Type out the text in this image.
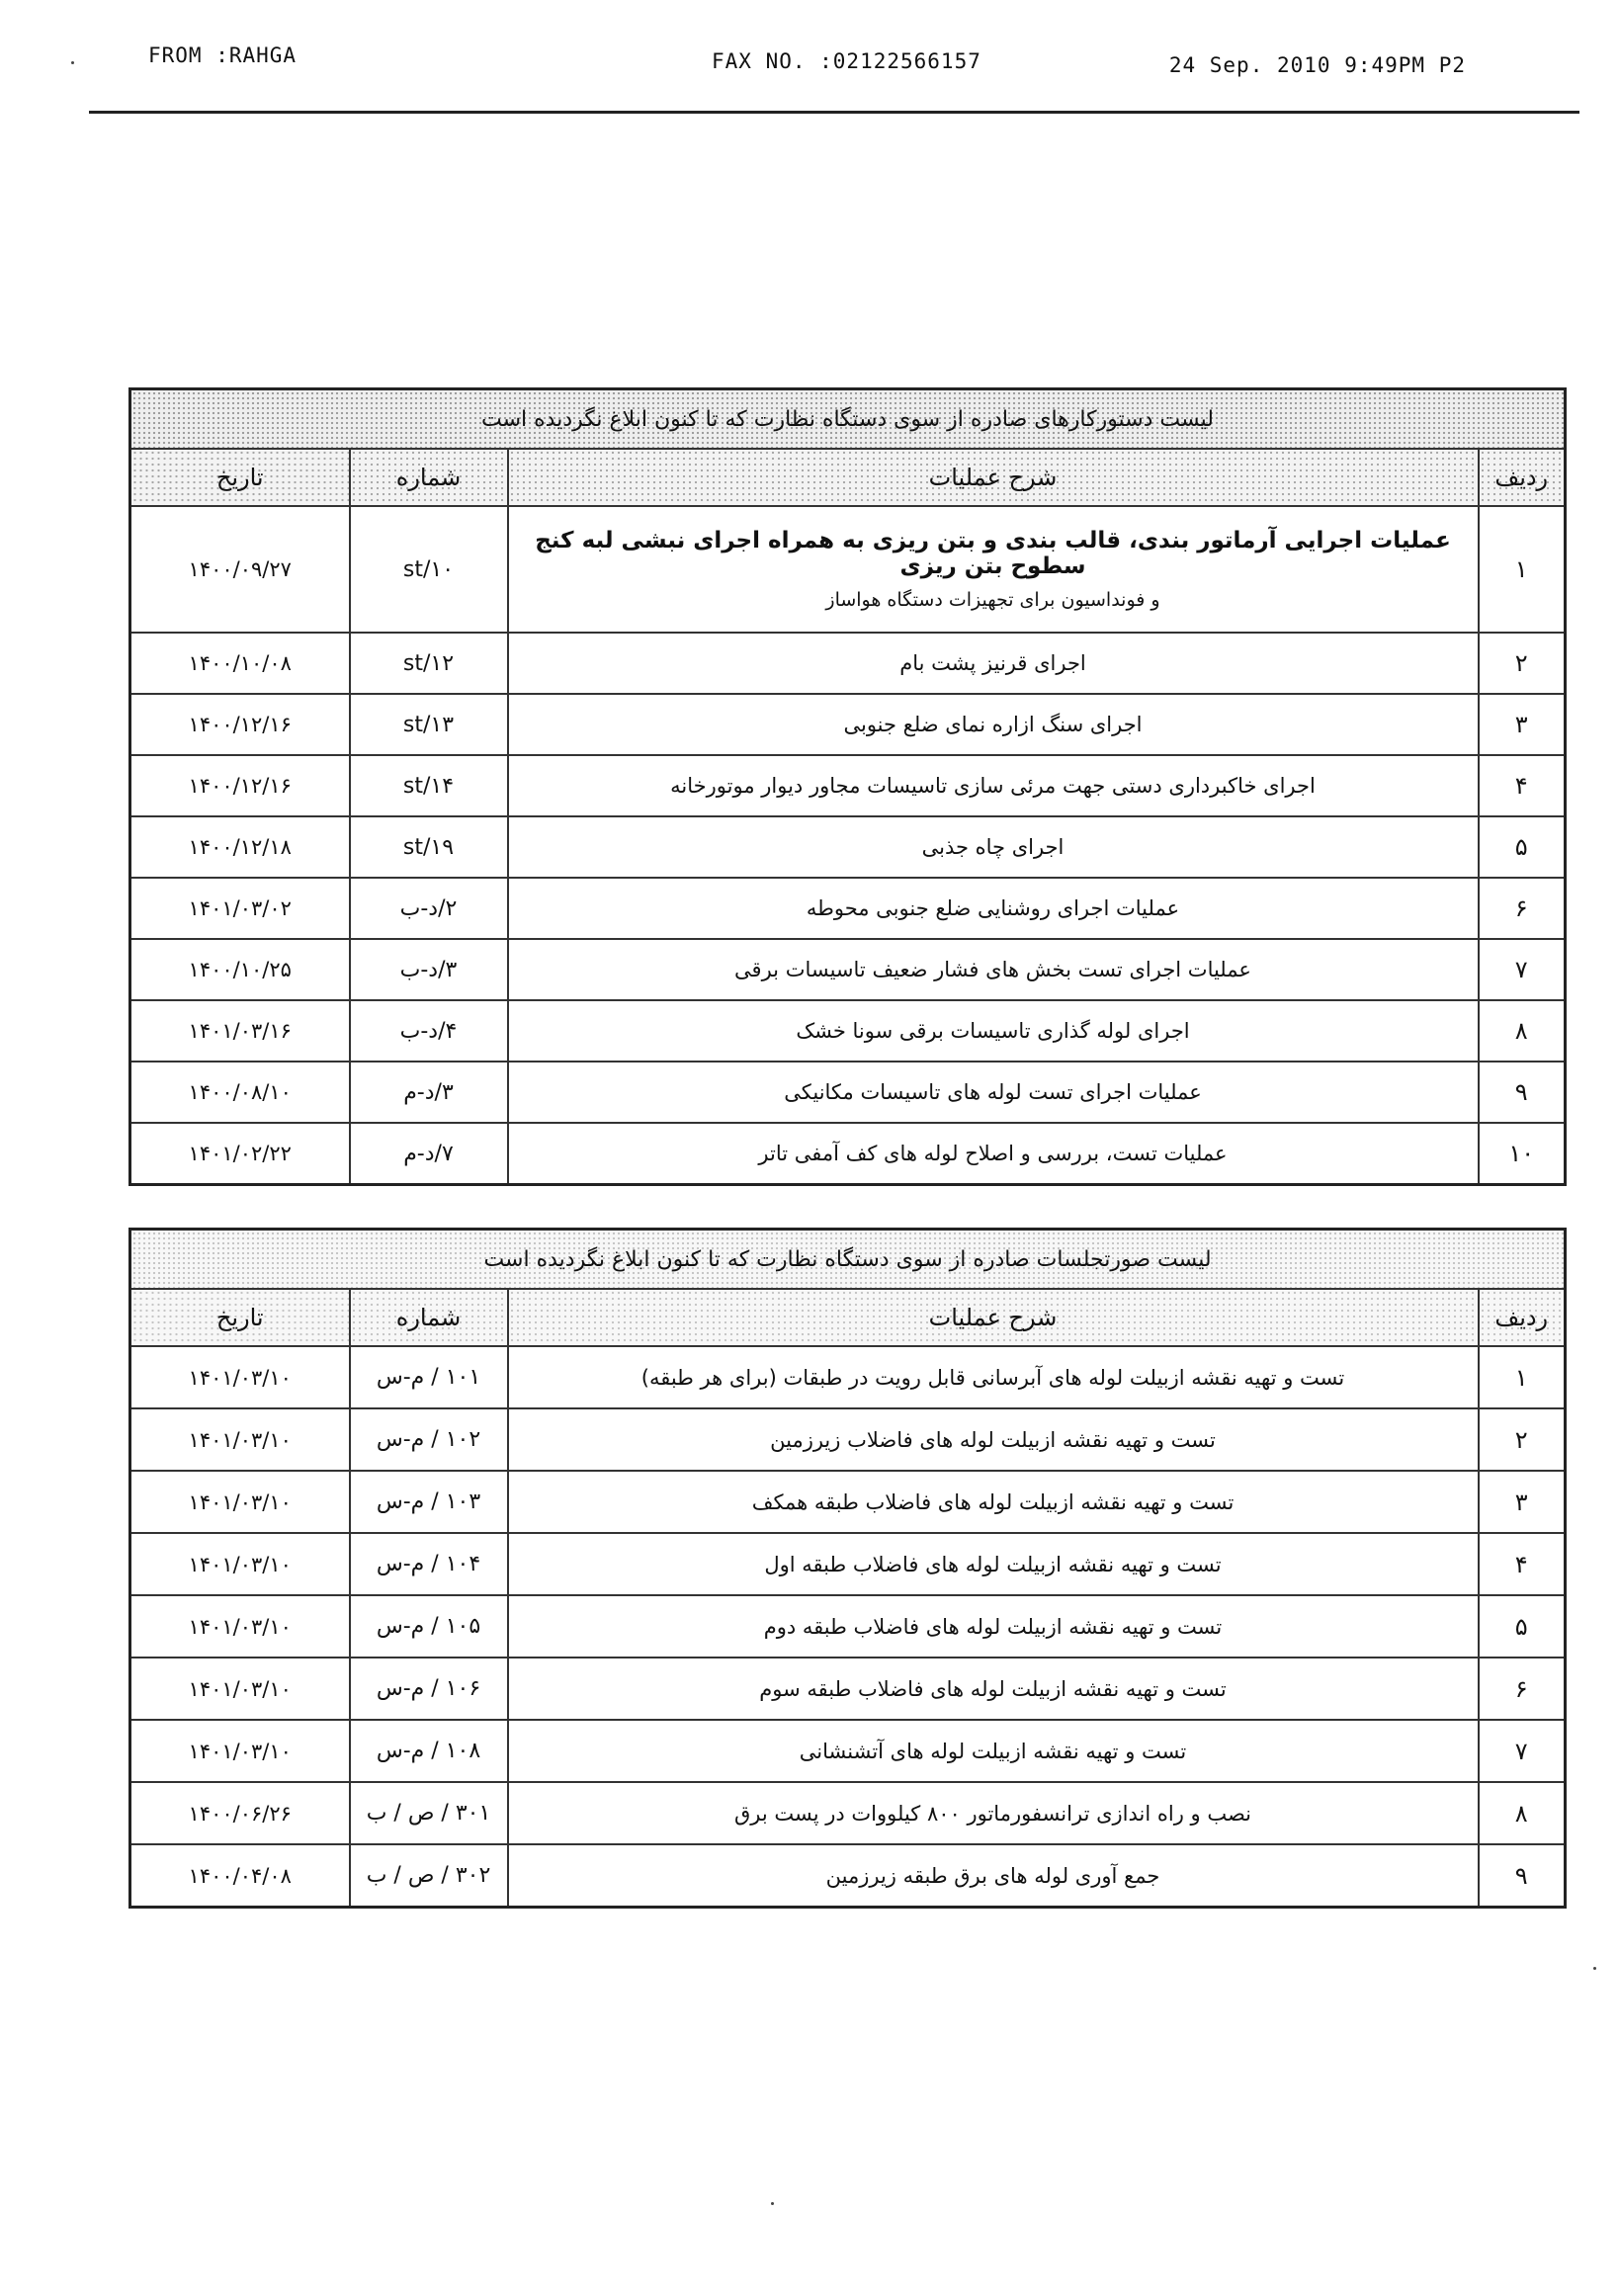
FROM :RAHGA	FAX NO. :02122566157	24 Sep. 2010 9:49PM P2
لیست دستورکارهای صادره از سوی دستگاه نظارت که تا کنون ابلاغ نگردیده است			
ردیف	شرح عملیات	شماره	تاریخ
۱	عملیات اجرایی آرماتور بندی، قالب بندی و بتن ریزی به همراه اجرای نبشی لبه کنج سطوح بتن ریزی
و فونداسیون برای تجهیزات دستگاه هواساز	st/۱۰	۱۴۰۰/۰۹/۲۷
۲	اجرای قرنیز پشت بام	st/۱۲	۱۴۰۰/۱۰/۰۸
۳	اجرای سنگ ازاره نمای ضلع جنوبی	st/۱۳	۱۴۰۰/۱۲/۱۶
۴	اجرای خاکبرداری دستی جهت مرئی سازی تاسیسات مجاور دیوار موتورخانه	st/۱۴	۱۴۰۰/۱۲/۱۶
۵	اجرای چاه جذبی	st/۱۹	۱۴۰۰/۱۲/۱۸
۶	عملیات اجرای روشنایی ضلع جنوبی محوطه	۲/د-ب	۱۴۰۱/۰۳/۰۲
۷	عملیات اجرای تست بخش های فشار ضعیف تاسیسات برقی	۳/د-ب	۱۴۰۰/۱۰/۲۵
۸	اجرای لوله گذاری تاسیسات برقی سونا خشک	۴/د-ب	۱۴۰۱/۰۳/۱۶
۹	عملیات اجرای تست لوله های تاسیسات مکانیکی	۳/د-م	۱۴۰۰/۰۸/۱۰
۱۰	عملیات تست، بررسی و اصلاح لوله های کف آمفی تاتر	۷/د-م	۱۴۰۱/۰۲/۲۲
لیست صورتجلسات صادره از سوی دستگاه نظارت که تا کنون ابلاغ نگردیده است			
ردیف	شرح عملیات	شماره	تاریخ
۱	تست و تهیه نقشه ازبیلت لوله های آبرسانی قابل رویت در طبقات (برای هر طبقه)	۱۰۱ / م-س	۱۴۰۱/۰۳/۱۰
۲	تست و تهیه نقشه ازبیلت لوله های فاضلاب زیرزمین	۱۰۲ / م-س	۱۴۰۱/۰۳/۱۰
۳	تست و تهیه نقشه ازبیلت لوله های فاضلاب طبقه همکف	۱۰۳ / م-س	۱۴۰۱/۰۳/۱۰
۴	تست و تهیه نقشه ازبیلت لوله های فاضلاب طبقه اول	۱۰۴ / م-س	۱۴۰۱/۰۳/۱۰
۵	تست و تهیه نقشه ازبیلت لوله های فاضلاب طبقه دوم	۱۰۵ / م-س	۱۴۰۱/۰۳/۱۰
۶	تست و تهیه نقشه ازبیلت لوله های فاضلاب طبقه سوم	۱۰۶ / م-س	۱۴۰۱/۰۳/۱۰
۷	تست و تهیه نقشه ازبیلت لوله های آتشنشانی	۱۰۸ / م-س	۱۴۰۱/۰۳/۱۰
۸	نصب و راه اندازی ترانسفورماتور ۸۰۰ کیلووات در پست برق	۳۰۱ / ص / ب	۱۴۰۰/۰۶/۲۶
۹	جمع آوری لوله های برق طبقه زیرزمین	۳۰۲ / ص / ب	۱۴۰۰/۰۴/۰۸
